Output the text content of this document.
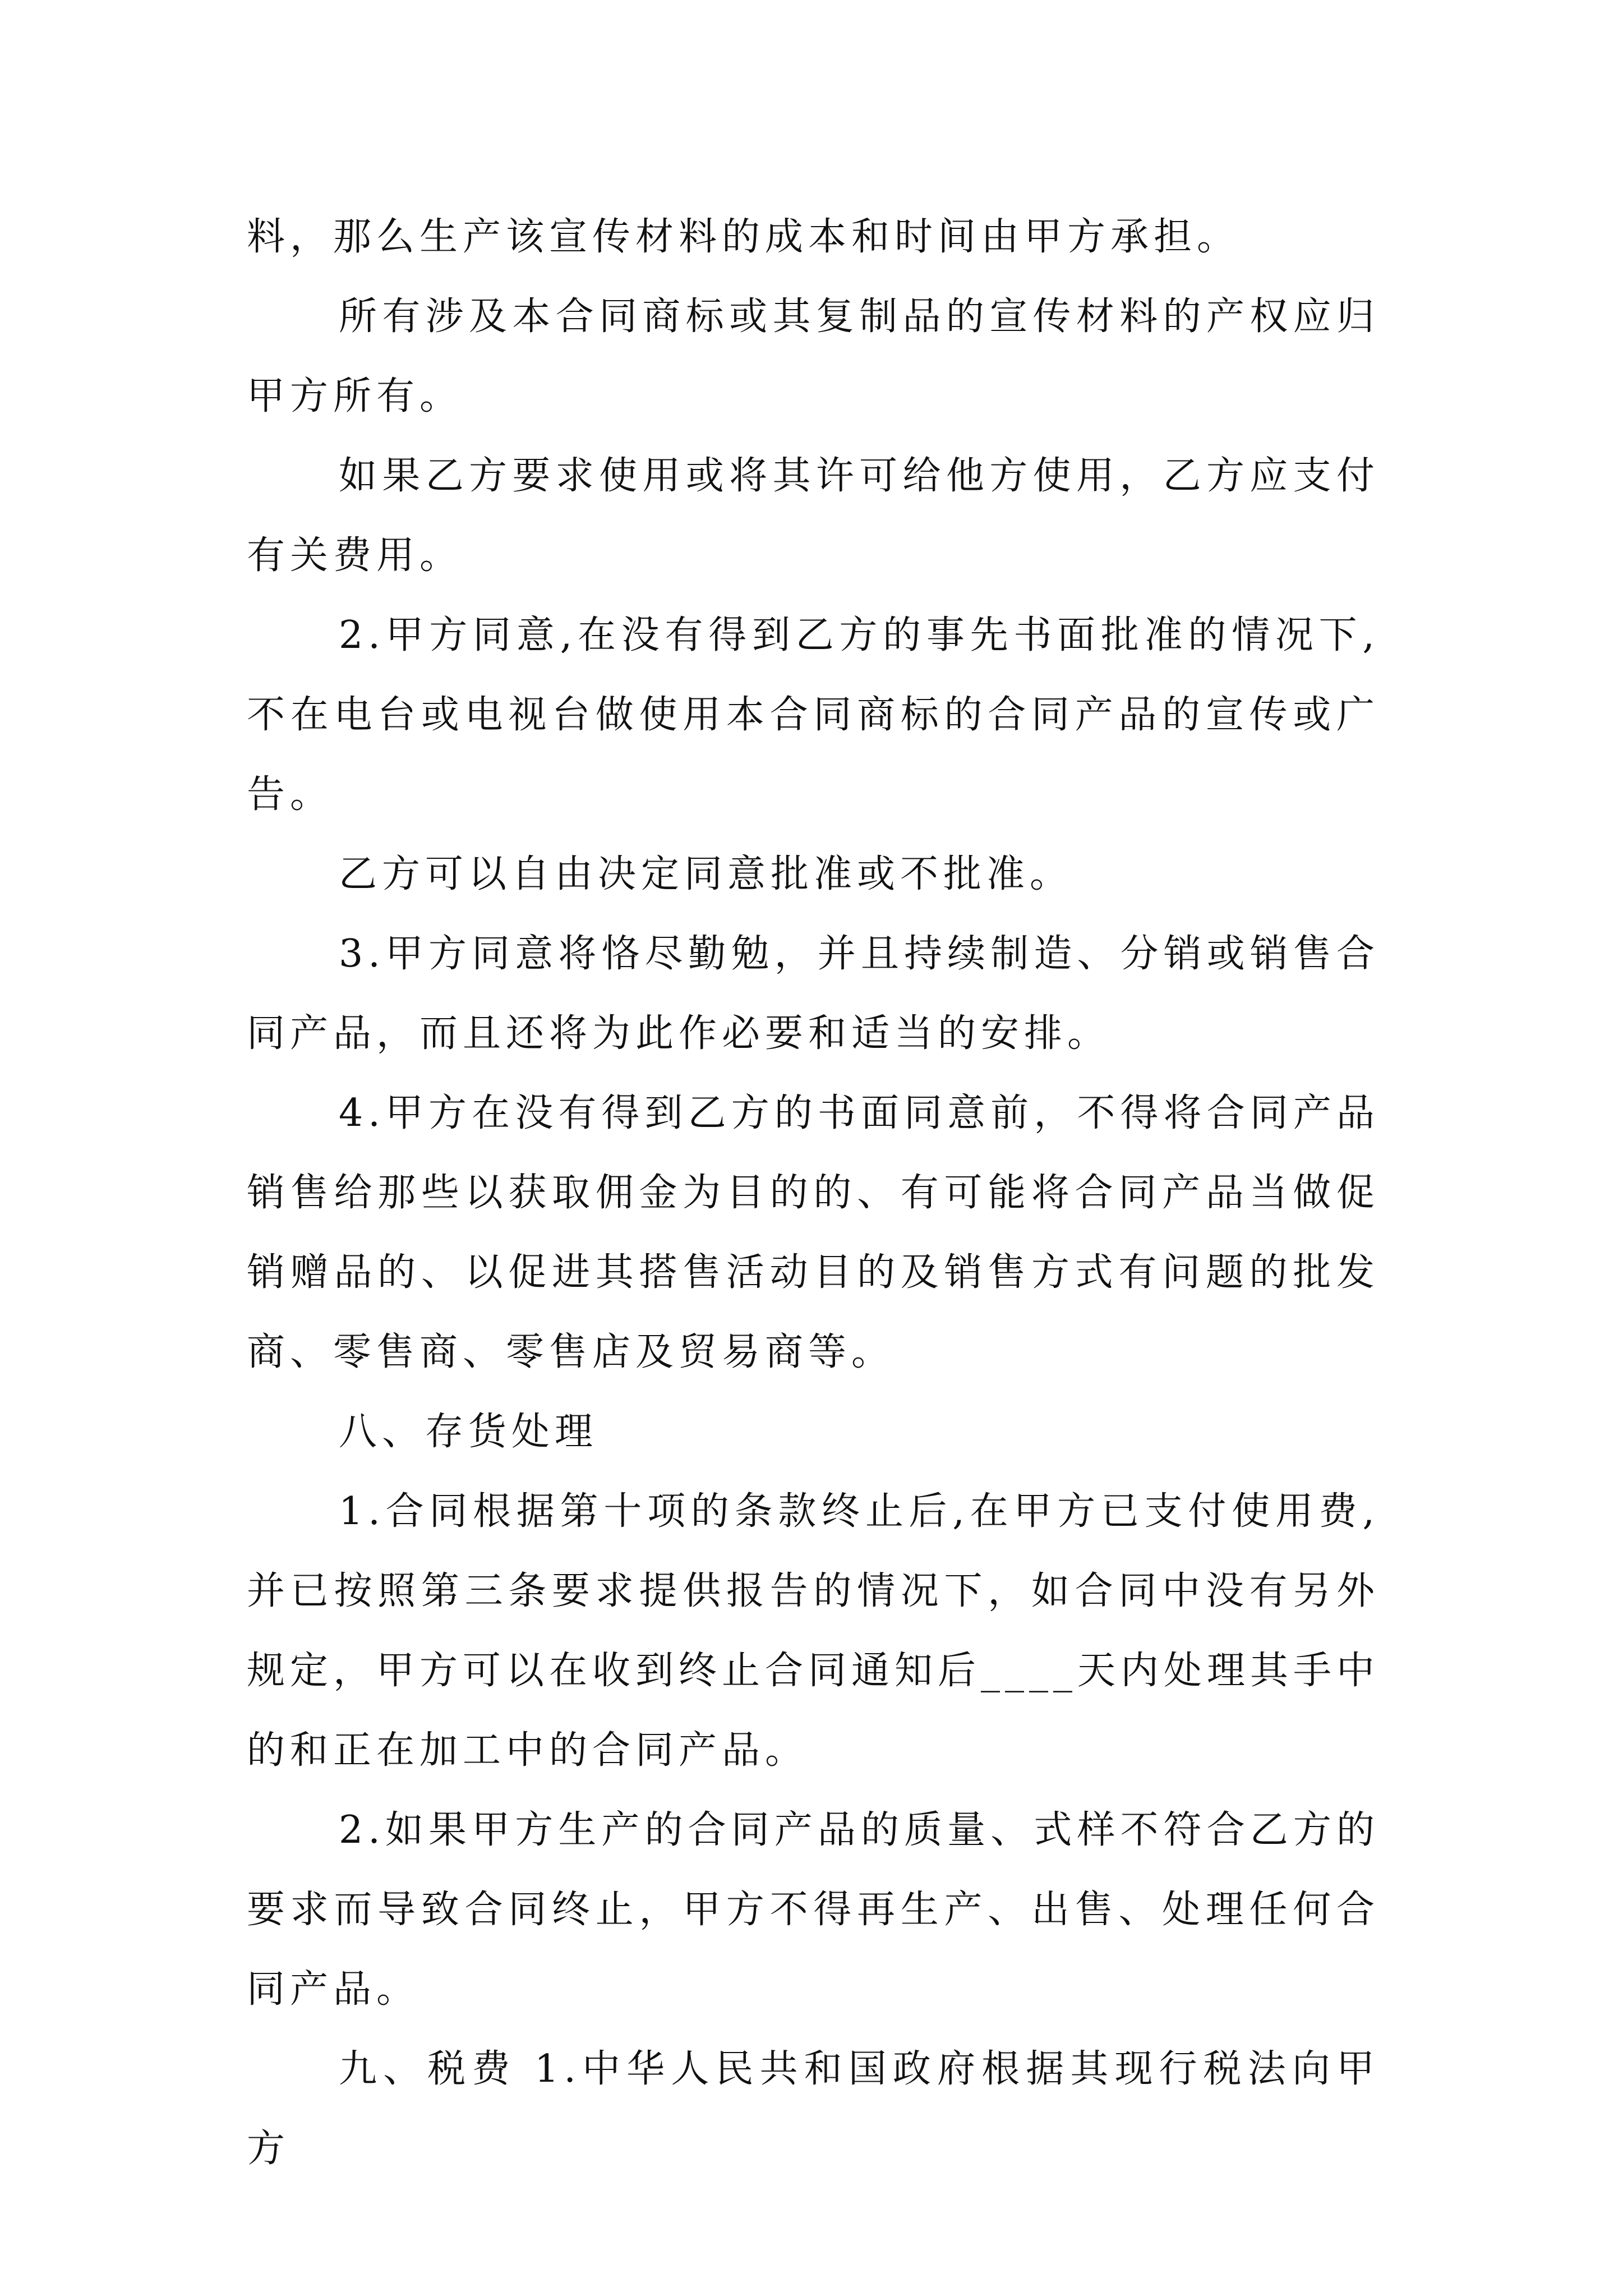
料，那么生产该宣传材料的成本和时间由甲方承担。

所有涉及本合同商标或其复制品的宣传材料的产权应归甲方所有。

如果乙方要求使用或将其许可给他方使用，乙方应支付有关费用。

2.甲方同意,在没有得到乙方的事先书面批准的情况下,不在电台或电视台做使用本合同商标的合同产品的宣传或广告。

乙方可以自由决定同意批准或不批准。

3.甲方同意将恪尽勤勉，并且持续制造、分销或销售合同产品，而且还将为此作必要和适当的安排。

4.甲方在没有得到乙方的书面同意前，不得将合同产品销售给那些以获取佣金为目的的、有可能将合同产品当做促销赠品的、以促进其搭售活动目的及销售方式有问题的批发商、零售商、零售店及贸易商等。

八、存货处理

1.合同根据第十项的条款终止后,在甲方已支付使用费,并已按照第三条要求提供报告的情况下，如合同中没有另外规定，甲方可以在收到终止合同通知后____天内处理其手中的和正在加工中的合同产品。

2.如果甲方生产的合同产品的质量、式样不符合乙方的要求而导致合同终止，甲方不得再生产、出售、处理任何合同产品。

九、税费 1.中华人民共和国政府根据其现行税法向甲方
